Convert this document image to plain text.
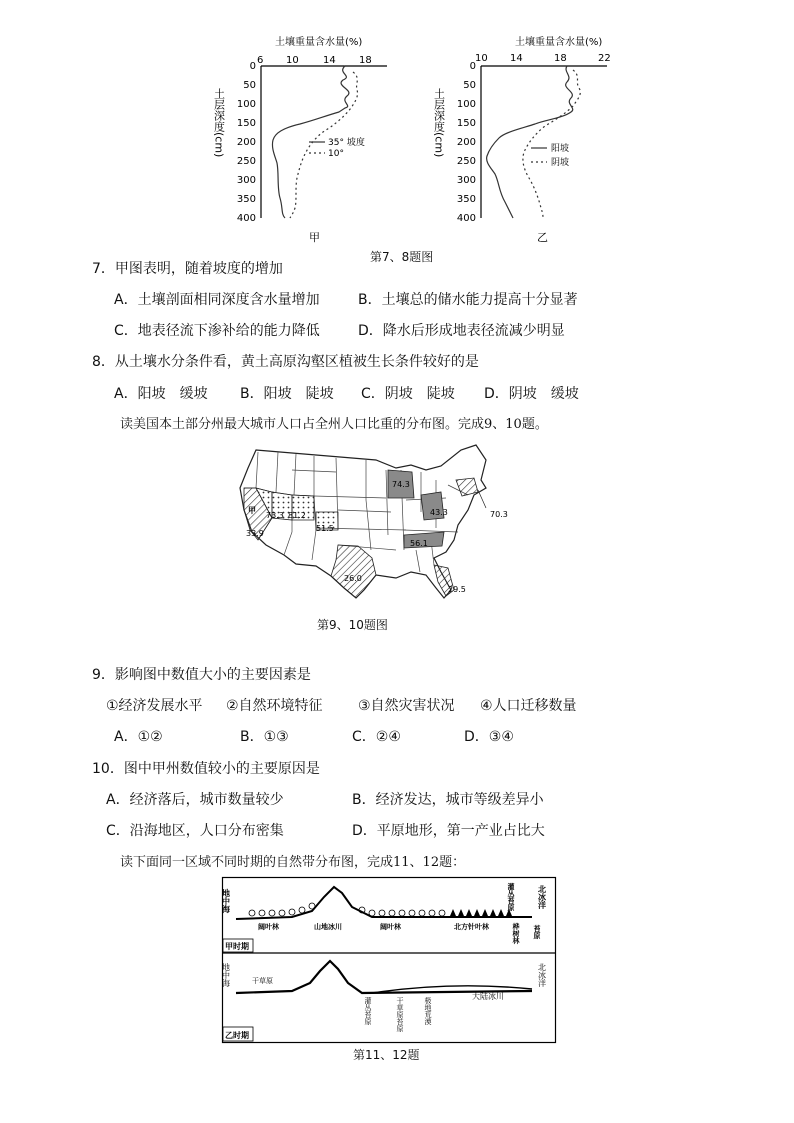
土壤重量含水量(%)
6 10 14 18
0
50
100
150
200
250
300
350
400
土层深度(cm)	35° 坡度
10°
甲
土壤重量含水量(%)
10 14	18	22
0
50
100
150
200
250
300
350
400
土层深度(cm)	阳坡
阴坡
乙
第7、8题图
7．甲图表明，随着坡度的增加
A．土壤剖面相同深度含水量增加	B．土壤总的储水能力提高十分显著
C．地表径流下渗补给的能力降低	D．降水后形成地表径流减少明显
8．从土壤水分条件看，黄土高原沟壑区植被生长条件较好的是
A．阳坡　缓坡 B．阳坡　陡坡 C．阴坡　陡坡 D．阴坡　缓坡
读美国本土部分州最大城市人口占全州人口比重的分布图。完成9、10题。
甲
33.9
73.3 81.2
51.5
74.3
43.3	70.3
56.1
26.0
29.5
第9、10题图
9．影响图中数值大小的主要因素是
①经济发展水平 ②自然环境特征	③自然灾害状况 ④人口迁移数量
A．①②	B．①③	C．②④	D．③④
10．图中甲州数值较小的主要原因是
A．经济落后，城市数量较少	B．经济发达，城市等级差异小
C．沿海地区，人口分布密集	D．平原地形，第一产业占比大
读下面同一区域不同时期的自然带分布图，完成11、12题：
地中海	北冰洋
阔叶林	山地冰川	阔叶林	北方针叶林
灌丛苔原
桦树林 苔原
甲时期
地中海	北冰洋
干草原
灌丛苔原	干草原苔原	极地荒漠
大陆冰川
乙时期
第11、12题
